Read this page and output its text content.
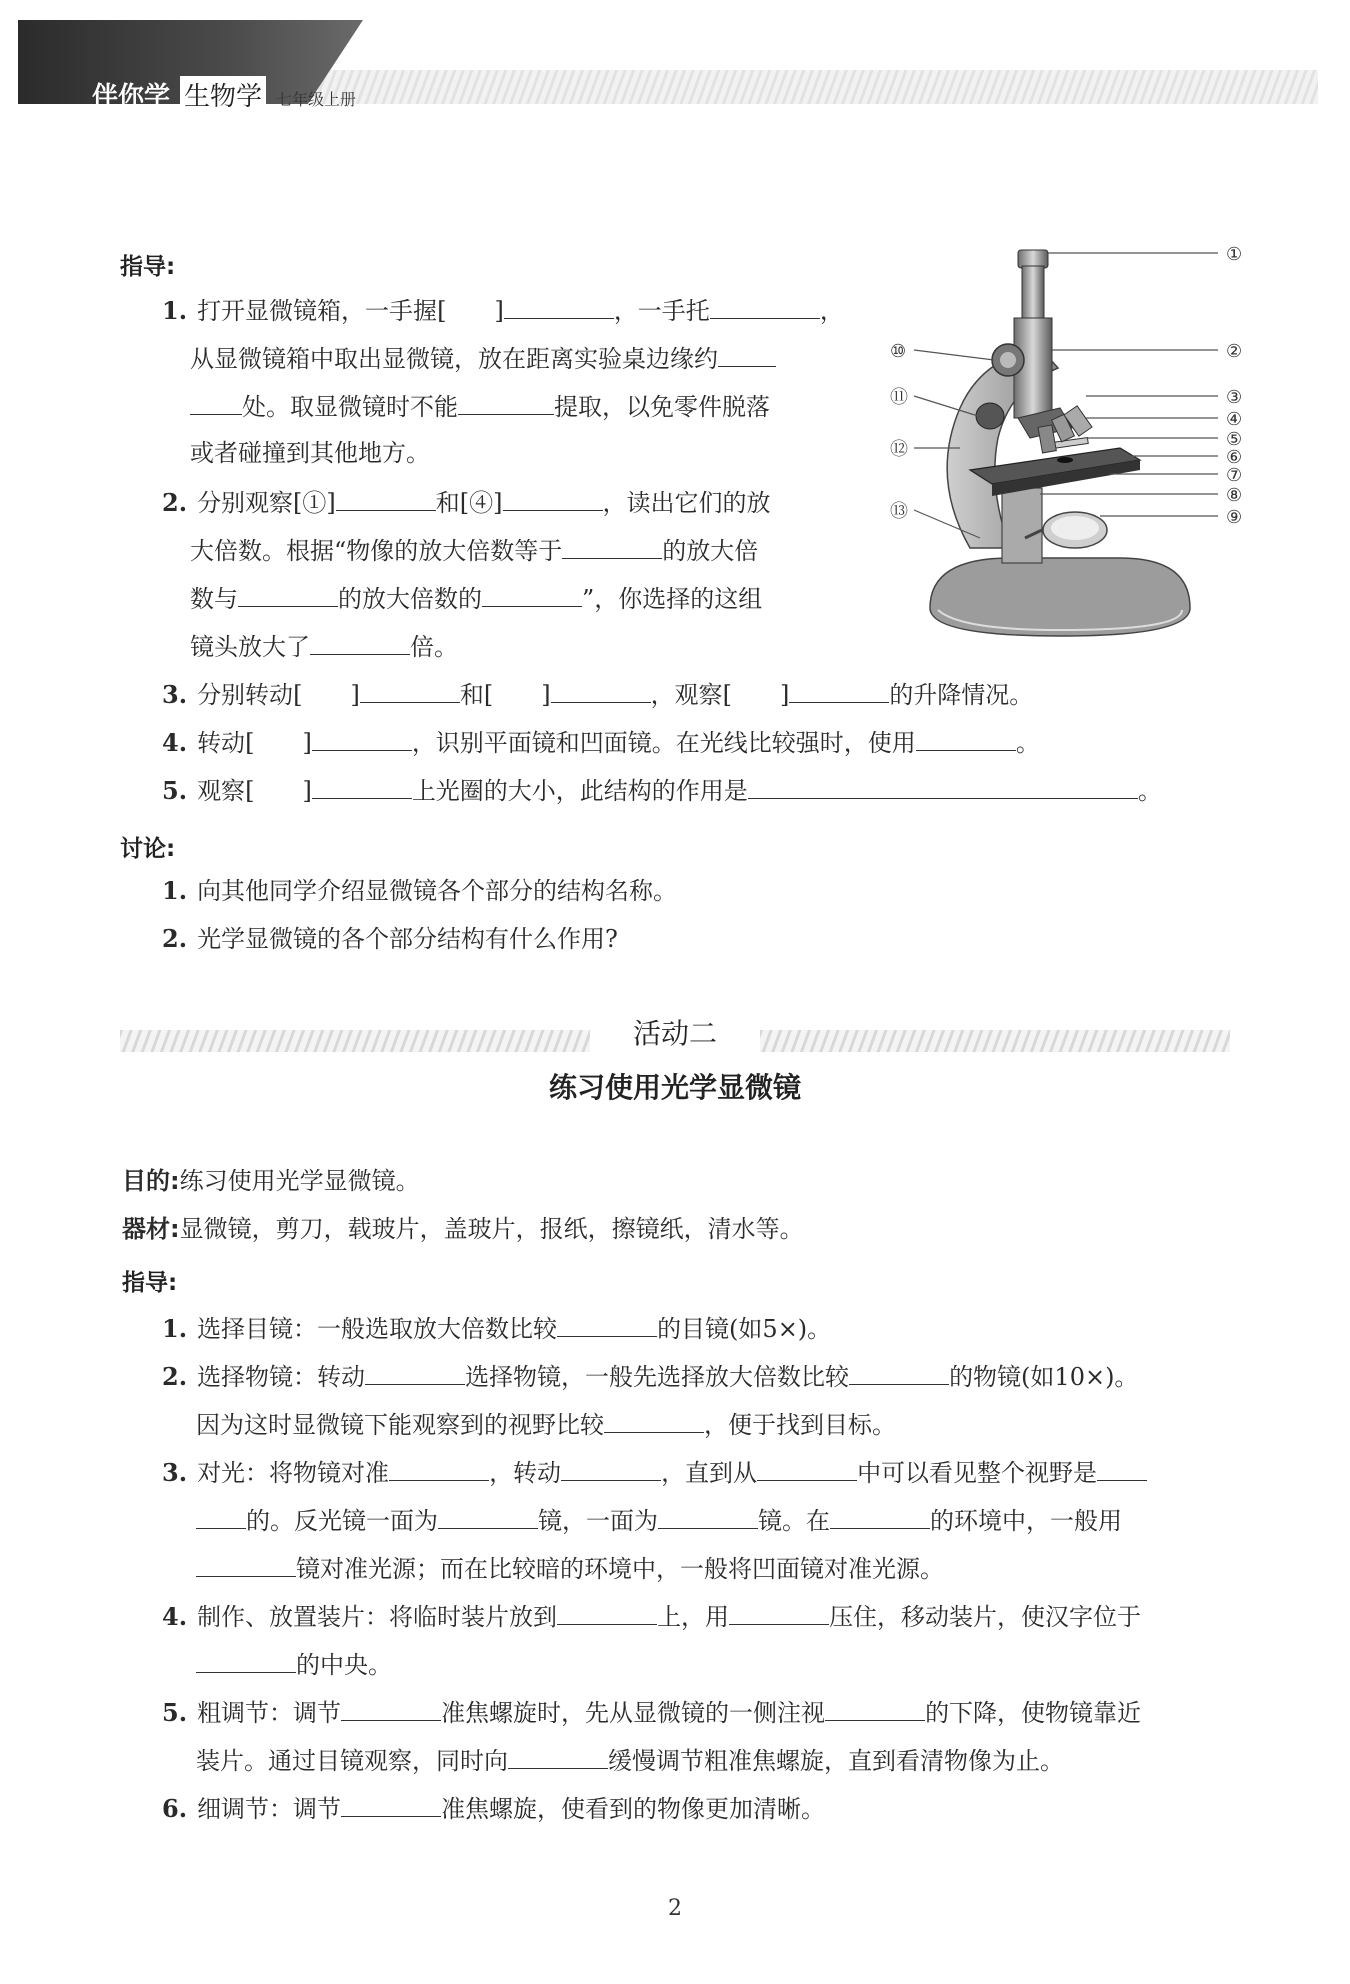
伴你学 生物学 七年级上册
指导:
1. 打开显微镜箱，一手握[ ]	，一手托	，
从显微镜箱中取出显微镜，放在距离实验桌边缘约
处。取显微镜时不能	提取，以免零件脱落
或者碰撞到其他地方。
2. 分别观察[①]	和[④]	，读出它们的放
大倍数。根据“物像的放大倍数等于	的放大倍
数与	的放大倍数的	”，你选择的这组
镜头放大了	倍。
3. 分别转动[ ]	和[ ]	，观察[ ]	的升降情况。
4. 转动[ ]	，识别平面镜和凹面镜。在光线比较强时，使用	。
5. 观察[ ]	上光圈的大小，此结构的作用是	。
讨论:
1. 向其他同学介绍显微镜各个部分的结构名称。
2. 光学显微镜的各个部分结构有什么作用?
①
②
③
④
⑤
⑥
⑦
⑧
⑨
⑩
⑪
⑫
⑬
活动二
练习使用光学显微镜
目的:练习使用光学显微镜。
器材:显微镜，剪刀，载玻片，盖玻片，报纸，擦镜纸，清水等。
指导:
1. 选择目镜：一般选取放大倍数比较	的目镜(如5×)。
2. 选择物镜：转动	选择物镜，一般先选择放大倍数比较	的物镜(如10×)。
因为这时显微镜下能观察到的视野比较	，便于找到目标。
3. 对光：将物镜对准	，转动	，直到从	中可以看见整个视野是
的。反光镜一面为	镜，一面为	镜。在	的环境中，一般用
镜对准光源；而在比较暗的环境中，一般将凹面镜对准光源。
4. 制作、放置装片：将临时装片放到	上，用	压住，移动装片，使汉字位于
的中央。
5. 粗调节：调节	准焦螺旋时，先从显微镜的一侧注视	的下降，使物镜靠近
装片。通过目镜观察，同时向	缓慢调节粗准焦螺旋，直到看清物像为止。
6. 细调节：调节	准焦螺旋，使看到的物像更加清晰。
2
